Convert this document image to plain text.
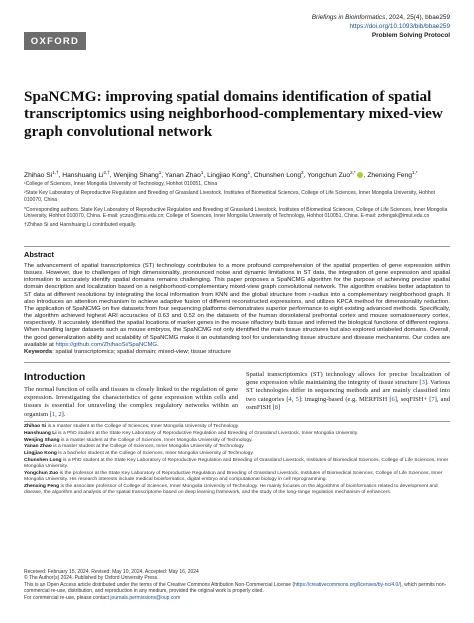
OXFORD
Briefings in Bioinformatics, 2024, 25(4), bbae259
https://doi.org/10.1093/bib/bbae259
Problem Solving Protocol
SpaNCMG: improving spatial domains identification of spatial transcriptomics using neighborhood-complementary mixed-view graph convolutional network
Zhihao $Si^{1,\dagger}$, Hanshuang $Li^{2,\dagger}$, Wenjing Shang$^1$, Yanan Zhao$^1$, Lingjiao Kong$^1$, Chunshen Long$^2$, Yongchun Zuo$^{2,*}$ , Zhenxing Feng$^{1,*}$

¹College of Sciences, Inner Mongolia University of Technology, Hohhot 010051, China

²State Key Laboratory of Reproductive Regulation and Breeding of Grassland Livestock, Institutes of Biomedical Sciences, College of Life Sciences, Inner Mongolia University, Hohhot 010070, China

*Corresponding authors. State Key Laboratory of Reproductive Regulation and Breeding of Grassland Livestock, Institutes of Biomedical Sciences, College of Life Sciences, Inner Mongolia University, Hohhot 010070, China. E-mail: yczuo@imu.edu.cn; College of Sciences, Inner Mongolia University of Technology, Hohhot 010051, China. E-mail: zxfengsk@imut.edu.cn

†Zhihao Si and Hanshuang Li contributed equally.

Abstract

The advancement of spatial transcriptomics (ST) technology contributes to a more profound comprehension of the spatial properties of gene expression within tissues. However, due to challenges of high dimensionality, pronounced noise and dynamic limitations in ST data, the integration of gene expression and spatial information to accurately identify spatial domains remains challenging. This paper proposes a SpaNCMG algorithm for the purpose of achieving precise spatial domain description and localization based on a neighborhood-complementary mixed-view graph convolutional network. The algorithm enables better adaptation to ST data at different resolutions by integrating the local information from KNN and the global structure from r-radius into a complementary neighborhood graph. It also introduces an attention mechanism to achieve adaptive fusion of different reconstructed expressions, and utilizes KPCA method for dimensionality reduction. The application of SpaNCMG on five datasets from four sequencing platforms demonstrates superior performance to eight existing advanced methods. Specifically, the algorithm achieved highest ARI accuracies of 0.63 and 0.52 on the datasets of the human dorsolateral prefrontal cortex and mouse somatosensory cortex, respectively. It accurately identified the spatial locations of marker genes in the mouse olfactory bulb tissue and inferred the biological functions of different regions. When handling larger datasets such as mouse embryos, the SpaNCMG not only identified the main tissue structures but also explored unlabeled domains. Overall, the good generalization ability and scalability of SpaNCMG make it an outstanding tool for understanding tissue structure and disease mechanisms. Our codes are available at https://github.com/ZhihaoSi/SpaNCMG.

Keywords: spatial transcriptomics; spatial domain; mixed-view; tissue structure

Introduction

The normal function of cells and tissues is closely linked to the regulation of gene expression. Investigating the characteristics of gene expression within cells and tissues is essential for unraveling the complex regulatory networks within an organism [1, 2].

Spatial transcriptomics (ST) technology allows for precise localization of gene expression while maintaining the integrity of tissue structure [3]. Various ST technologies differ in sequencing methods and are mainly classified into two categories [4, 5]: imaging-based (e.g. MERFISH [6], seqFISH+ [7], and osmFISH [8]

Zhihao Si is a master student at the College of Sciences, Inner Mongolia University of Technology.

Hanshuang Li is a PhD student at the State Key Laboratory of Reproductive Regulation and Breeding of Grassland Livestock, Inner Mongolia University.

Wenjing Shang is a master student at the College of Sciences, Inner Mongolia University of Technology.

Yanan Zhao is a master student at the College of Sciences, Inner Mongolia University of Technology.

Lingjiao Kong is a bachelor student at the College of Sciences, Inner Mongolia University of Technology.

Chunshen Long is a PhD student at the State Key Laboratory of Reproductive Regulation and Breeding of Grassland Livestock, Institutes of Biomedical Sciences, College of Life Sciences, Inner Mongolia University.

Yongchun Zuo is the professor at the State Key Laboratory of Reproductive Regulation and Breeding of Grassland Livestock, Institutes of Biomedical Sciences, College of Life Sciences, Inner Mongolia University. His research interests include medical bioinformatics, digital embryo and computational biology in cell reprogramming.

Zhenxing Feng is the associate professor of College of Sciences, Inner Mongolia University of Technology. He mainly focuses on the algorithms of bioinformatics related to development and disease, the algorithm and analysis of the spatial transcriptome based on deep learning framework, and the study of the long-range regulation mechanism of enhancers.

Received: February 15, 2024. Revised: May 10, 2024. Accepted: May 16, 2024

© The Author(s) 2024. Published by Oxford University Press.

This is an Open Access article distributed under the terms of the Creative Commons Attribution Non-Commercial License (https://creativecommons.org/licenses/by-nc/4.0/), which permits non-commercial re-use, distribution, and reproduction in any medium, provided the original work is properly cited.

For commercial re-use, please contact journals.permissions@oup.com
